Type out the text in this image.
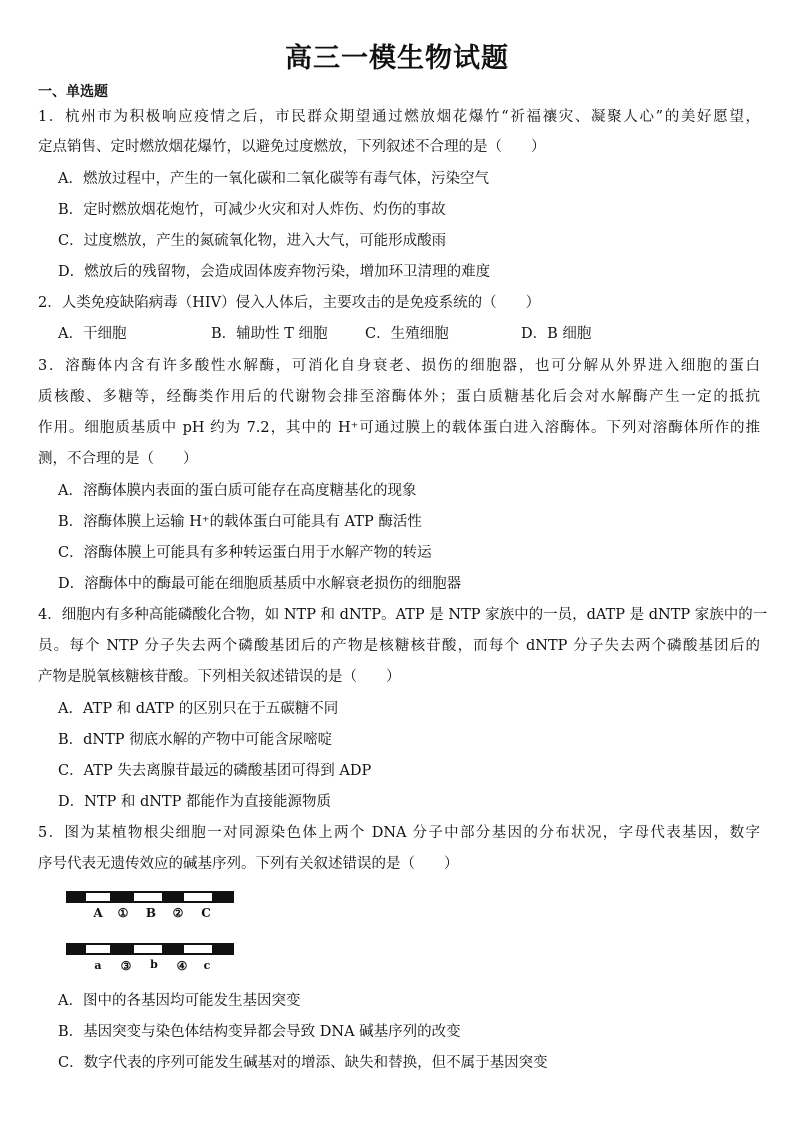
高三一模生物试题
一、单选题
1．杭州市为积极响应疫情之后，市民群众期望通过燃放烟花爆竹“祈福禳灾、凝聚人心”的美好愿望，
定点销售、定时燃放烟花爆竹，以避免过度燃放，下列叙述不合理的是（　　）
A．燃放过程中，产生的一氧化碳和二氧化碳等有毒气体，污染空气
B．定时燃放烟花炮竹，可减少火灾和对人炸伤、灼伤的事故
C．过度燃放，产生的氮硫氧化物，进入大气，可能形成酸雨
D．燃放后的残留物，会造成固体废弃物污染，增加环卫清理的难度
2．人类免疫缺陷病毒（HIV）侵入人体后，主要攻击的是免疫系统的（　　）
A．干细胞	B．辅助性 T 细胞	C．生殖细胞	D．B 细胞
3．溶酶体内含有许多酸性水解酶，可消化自身衰老、损伤的细胞器，也可分解从外界进入细胞的蛋白
质核酸、多糖等，经酶类作用后的代谢物会排至溶酶体外；蛋白质糖基化后会对水解酶产生一定的抵抗
作用。细胞质基质中 pH 约为 7.2，其中的 H⁺可通过膜上的载体蛋白进入溶酶体。下列对溶酶体所作的推
测，不合理的是（　　）
A．溶酶体膜内表面的蛋白质可能存在高度糖基化的现象
B．溶酶体膜上运输 H⁺的载体蛋白可能具有 ATP 酶活性
C．溶酶体膜上可能具有多种转运蛋白用于水解产物的转运
D．溶酶体中的酶最可能在细胞质基质中水解衰老损伤的细胞器
4．细胞内有多种高能磷酸化合物，如 NTP 和 dNTP。ATP 是 NTP 家族中的一员，dATP 是 dNTP 家族中的一
员。每个 NTP 分子失去两个磷酸基团后的产物是核糖核苷酸，而每个 dNTP 分子失去两个磷酸基团后的
产物是脱氧核糖核苷酸。下列相关叙述错误的是（　　）
A．ATP 和 dATP 的区别只在于五碳糖不同
B．dNTP 彻底水解的产物中可能含尿嘧啶
C．ATP 失去离腺苷最远的磷酸基团可得到 ADP
D．NTP 和 dNTP 都能作为直接能源物质
5．图为某植物根尖细胞一对同源染色体上两个 DNA 分子中部分基因的分布状况，字母代表基因，数字
序号代表无遗传效应的碱基序列。下列有关叙述错误的是（　　）
A	①	B	②	C
a	③	b	④	c
A．图中的各基因均可能发生基因突变
B．基因突变与染色体结构变异都会导致 DNA 碱基序列的改变
C．数字代表的序列可能发生碱基对的增添、缺失和替换，但不属于基因突变
